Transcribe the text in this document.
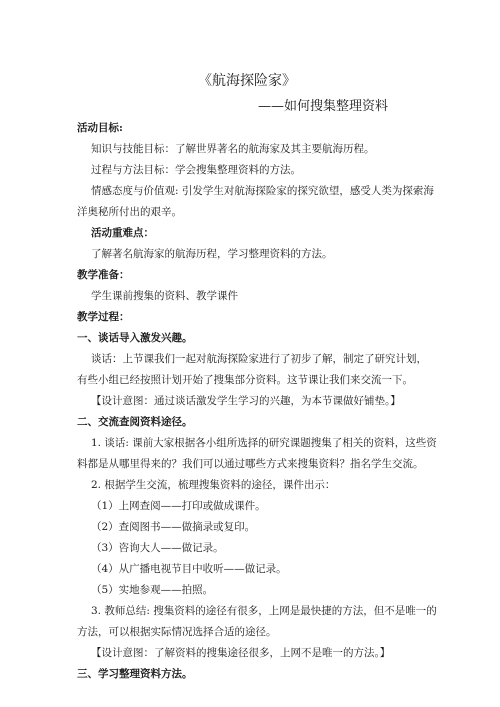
《航海探险家》
——如何搜集整理资料
活动目标:
知识与技能目标：了解世界著名的航海家及其主要航海历程。
过程与方法目标：学会搜集整理资料的方法。
情感态度与价值观: 引发学生对航海探险家的探究欲望，感受人类为探索海
洋奥秘所付出的艰辛。
活动重难点：
了解著名航海家的航海历程，学习整理资料的方法。
教学准备：
学生课前搜集的资料、教学课件
教学过程：
一、谈话导入激发兴趣。
谈话：上节课我们一起对航海探险家进行了初步了解，制定了研究计划，
有些小组已经按照计划开始了搜集部分资料。这节课让我们来交流一下。
【设计意图：通过谈话激发学生学习的兴趣，为本节课做好铺垫。】
二、交流查阅资料途径。
1. 谈话: 课前大家根据各小组所选择的研究课题搜集了相关的资料，这些资
料都是从哪里得来的？我们可以通过哪些方式来搜集资料？指名学生交流。
2. 根据学生交流，梳理搜集资料的途径，课件出示：
（1）上网查阅——打印或做成课件。
（2）查阅图书——做摘录或复印。
（3）咨询大人——做记录。
（4）从广播电视节目中收听——做记录。
（5）实地参观——拍照。
3. 教师总结: 搜集资料的途径有很多，上网是最快捷的方法，但不是唯一的
方法，可以根据实际情况选择合适的途径。
【设计意图：了解资料的搜集途径很多，上网不是唯一的方法。】
三、学习整理资料方法。
